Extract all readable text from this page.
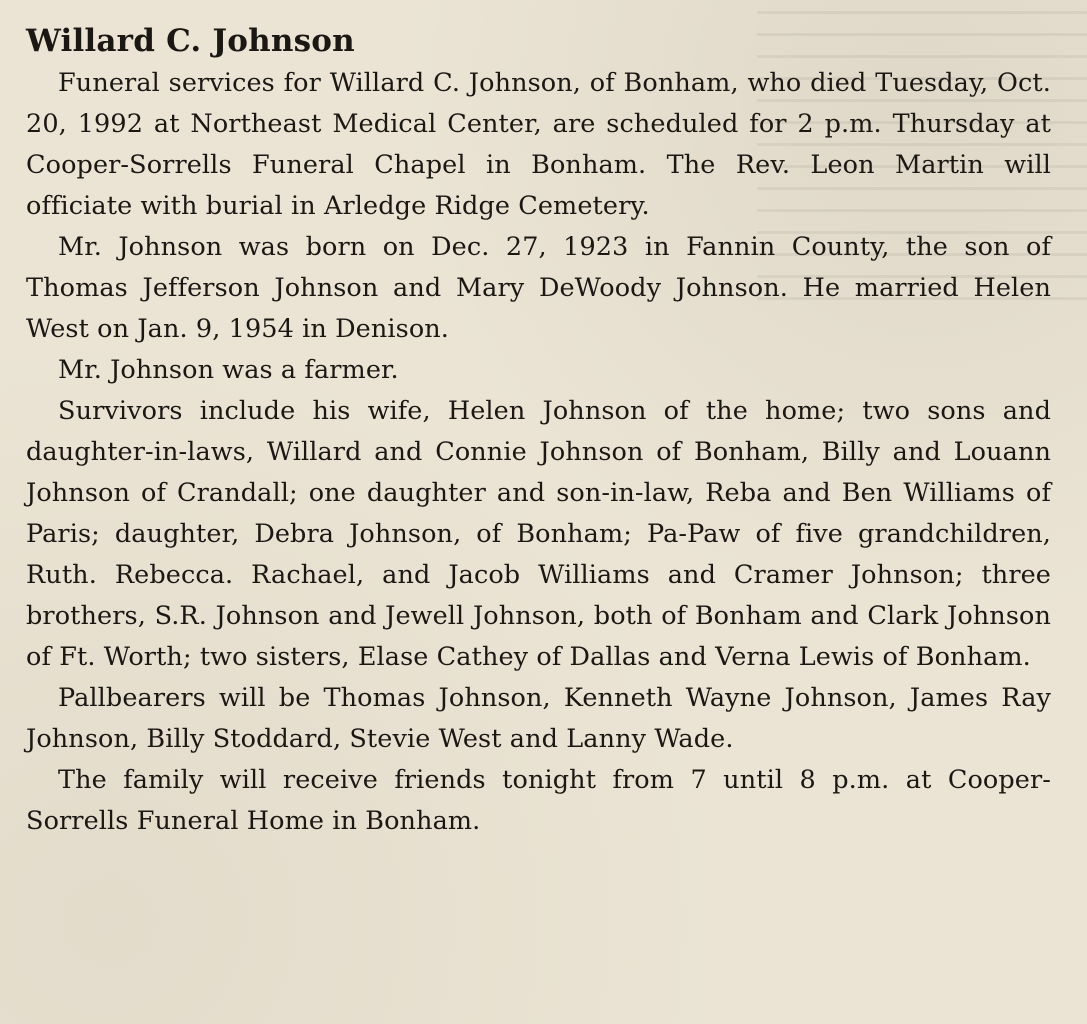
Willard C. Johnson

Funeral services for Willard C. Johnson, of Bonham, who died Tuesday, Oct. 20, 1992 at Northeast Medical Center, are scheduled for 2 p.m. Thursday at Cooper-Sorrells Funeral Chapel in Bonham. The Rev. Leon Martin will officiate with burial in Arledge Ridge Cemetery.

Mr. Johnson was born on Dec. 27, 1923 in Fannin County, the son of Thomas Jefferson Johnson and Mary DeWoody Johnson. He married Helen West on Jan. 9, 1954 in Denison.

Mr. Johnson was a farmer.

Survivors include his wife, Helen Johnson of the home; two sons and daughter-in-laws, Willard and Connie Johnson of Bonham, Billy and Louann Johnson of Crandall; one daughter and son-in-law, Reba and Ben Williams of Paris; daughter, Debra Johnson, of Bonham; Pa-Paw of five grandchildren, Ruth. Rebecca. Rachael, and Jacob Williams and Cramer Johnson; three brothers, S.R. Johnson and Jewell Johnson, both of Bonham and Clark Johnson of Ft. Worth; two sisters, Elase Cathey of Dallas and Verna Lewis of Bonham.

Pallbearers will be Thomas Johnson, Kenneth Wayne Johnson, James Ray Johnson, Billy Stoddard, Stevie West and Lanny Wade.

The family will receive friends tonight from 7 until 8 p.m. at Cooper-Sorrells Funeral Home in Bonham.
